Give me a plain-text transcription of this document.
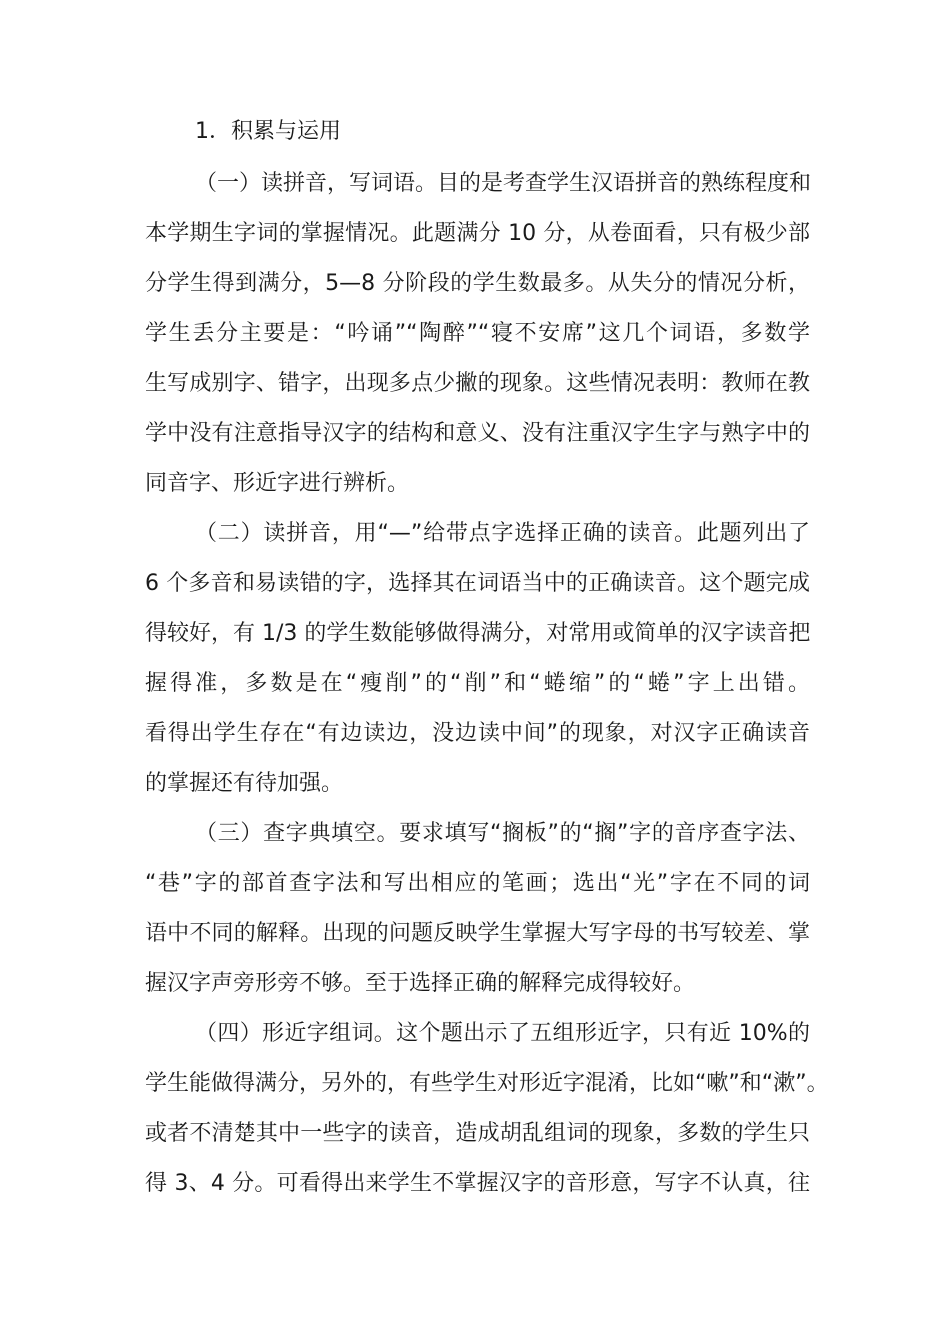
1．积累与运用
（一）读拼音，写词语。目的是考查学生汉语拼音的熟练程度和
本学期生字词的掌握情况。此题满分 10 分，从卷面看，只有极少部
分学生得到满分，5—8 分阶段的学生数最多。从失分的情况分析，
学生丢分主要是：“吟诵”“陶醉”“寝不安席”这几个词语，多数学
生写成别字、错字，出现多点少撇的现象。这些情况表明：教师在教
学中没有注意指导汉字的结构和意义、没有注重汉字生字与熟字中的
同音字、形近字进行辨析。
（二）读拼音，用“—”给带点字选择正确的读音。此题列出了
6 个多音和易读错的字，选择其在词语当中的正确读音。这个题完成
得较好，有 1/3 的学生数能够做得满分，对常用或简单的汉字读音把
握得准，多数是在“瘦削”的“削”和“蜷缩”的“蜷”字上出错。
看得出学生存在“有边读边，没边读中间”的现象，对汉字正确读音
的掌握还有待加强。
（三）查字典填空。要求填写“搁板”的“搁”字的音序查字法、
“巷”字的部首查字法和写出相应的笔画；选出“光”字在不同的词
语中不同的解释。出现的问题反映学生掌握大写字母的书写较差、掌
握汉字声旁形旁不够。至于选择正确的解释完成得较好。
（四）形近字组词。这个题出示了五组形近字，只有近 10%的
学生能做得满分，另外的，有些学生对形近字混淆，比如“嗽”和“漱”。
或者不清楚其中一些字的读音，造成胡乱组词的现象，多数的学生只
得 3、4 分。可看得出来学生不掌握汉字的音形意，写字不认真，往
